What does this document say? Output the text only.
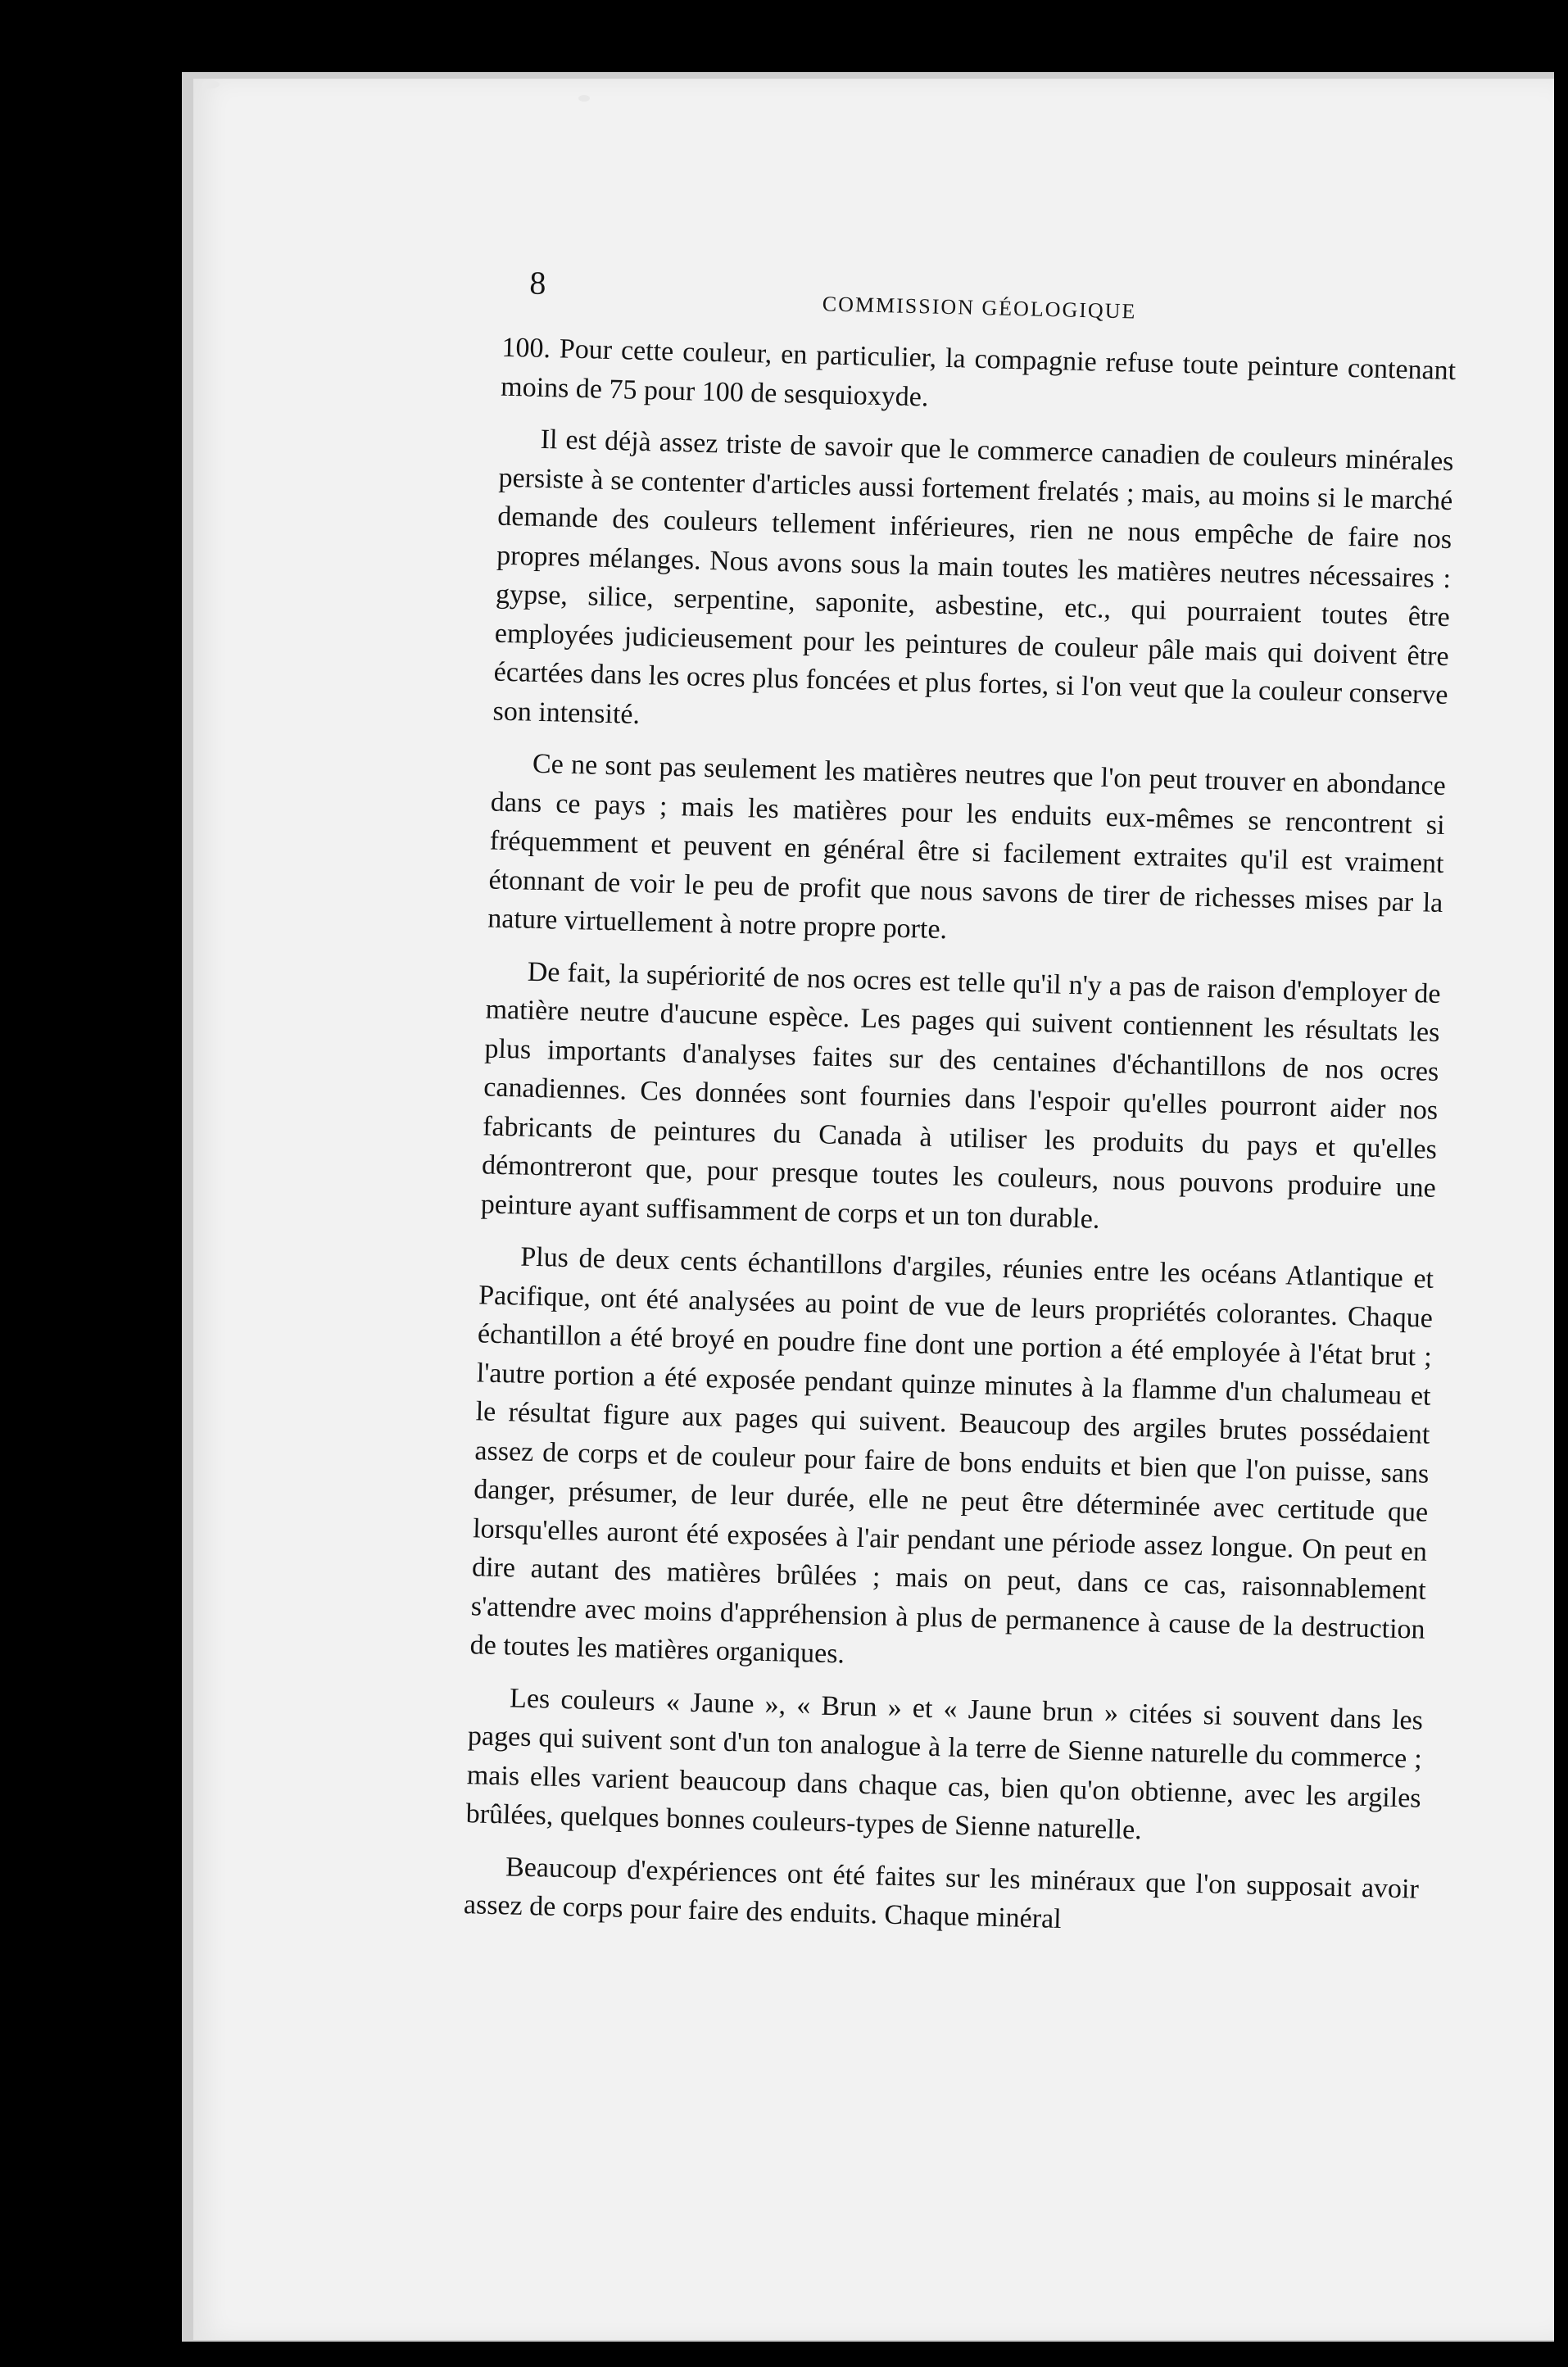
8
COMMISSION GÉOLOGIQUE

100. Pour cette couleur, en particulier, la compagnie refuse toute peinture contenant moins de 75 pour 100 de sesquioxyde.

Il est déjà assez triste de savoir que le commerce canadien de couleurs minérales persiste à se contenter d'articles aussi fortement frelatés ; mais, au moins si le marché demande des couleurs tellement inférieures, rien ne nous empêche de faire nos propres mélanges. Nous avons sous la main toutes les matières neutres nécessaires : gypse, silice, serpentine, saponite, asbestine, etc., qui pourraient toutes être employées judicieusement pour les peintures de couleur pâle mais qui doivent être écartées dans les ocres plus foncées et plus fortes, si l'on veut que la couleur conserve son intensité.

Ce ne sont pas seulement les matières neutres que l'on peut trouver en abondance dans ce pays ; mais les matières pour les enduits eux-mêmes se rencontrent si fréquemment et peuvent en général être si facilement extraites qu'il est vraiment étonnant de voir le peu de profit que nous savons de tirer de richesses mises par la nature virtuellement à notre propre porte.

De fait, la supériorité de nos ocres est telle qu'il n'y a pas de raison d'employer de matière neutre d'aucune espèce. Les pages qui suivent contiennent les résultats les plus importants d'analyses faites sur des centaines d'échantillons de nos ocres canadiennes. Ces données sont fournies dans l'espoir qu'elles pourront aider nos fabricants de peintures du Canada à utiliser les produits du pays et qu'elles démontreront que, pour presque toutes les couleurs, nous pouvons produire une peinture ayant suffisamment de corps et un ton durable.

Plus de deux cents échantillons d'argiles, réunies entre les océans Atlantique et Pacifique, ont été analysées au point de vue de leurs propriétés colorantes. Chaque échantillon a été broyé en poudre fine dont une portion a été employée à l'état brut ; l'autre portion a été exposée pendant quinze minutes à la flamme d'un chalumeau et le résultat figure aux pages qui suivent. Beaucoup des argiles brutes possédaient assez de corps et de couleur pour faire de bons enduits et bien que l'on puisse, sans danger, présumer, de leur durée, elle ne peut être déterminée avec certitude que lorsqu'elles auront été exposées à l'air pendant une période assez longue. On peut en dire autant des matières brûlées ; mais on peut, dans ce cas, raisonnablement s'attendre avec moins d'appréhension à plus de permanence à cause de la destruction de toutes les matières organiques.

Les couleurs « Jaune », « Brun » et « Jaune brun » citées si souvent dans les pages qui suivent sont d'un ton analogue à la terre de Sienne naturelle du commerce ; mais elles varient beaucoup dans chaque cas, bien qu'on obtienne, avec les argiles brûlées, quelques bonnes couleurs-types de Sienne naturelle.

Beaucoup d'expériences ont été faites sur les minéraux que l'on supposait avoir assez de corps pour faire des enduits. Chaque minéral
